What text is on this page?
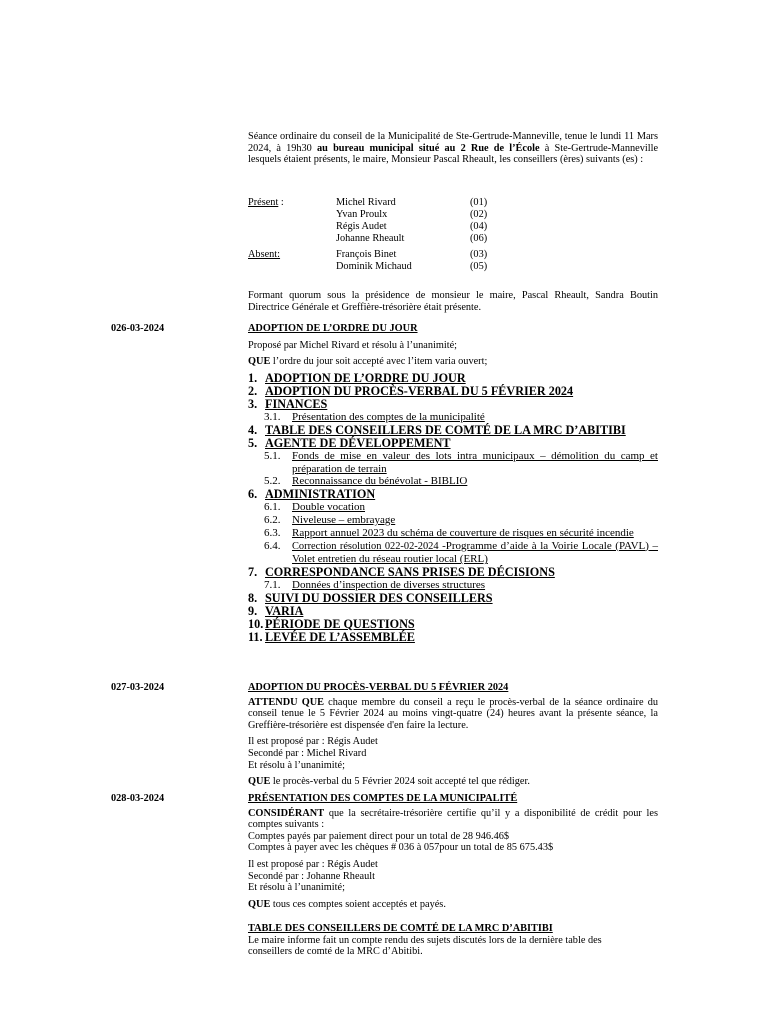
Séance ordinaire du conseil de la Municipalité de Ste-Gertrude-Manneville, tenue le lundi 11 Mars 2024, à 19h30 au bureau municipal situé au 2 Rue de l’École à Ste-Gertrude-Manneville lesquels étaient présents, le maire, Monsieur Pascal Rheault, les conseillers (ères) suivants (es) :
Présent :	Michel Rivard	(01)
Yvan Proulx	(02)
Régis Audet	(04)
Johanne Rheault	(06)
Absent:	François Binet	(03)
Dominik Michaud	(05)
Formant quorum sous la présidence de monsieur le maire, Pascal Rheault, Sandra Boutin Directrice Générale et Greffière-trésorière était présente.
026-03-2024	ADOPTION DE L’ORDRE DU JOUR

Proposé par Michel Rivard et résolu à l’unanimité;

QUE l’ordre du jour soit accepté avec l’item varia ouvert;

1. ADOPTION DE L’ORDRE DU JOUR
2. ADOPTION DU PROCÈS-VERBAL DU 5 FÉVRIER 2024
3. FINANCES
3.1. Présentation des comptes de la municipalité
4. TABLE DES CONSEILLERS DE COMTÉ DE LA MRC D’ABITIBI
5. AGENTE DE DÉVELOPPEMENT
5.1. Fonds de mise en valeur des lots intra municipaux – démolition du camp et préparation de terrain
5.2. Reconnaissance du bénévolat - BIBLIO
6. ADMINISTRATION
6.1. Double vocation
6.2. Niveleuse – embrayage
6.3. Rapport annuel 2023 du schéma de couverture de risques en sécurité incendie
6.4. Correction résolution 022-02-2024 -Programme d’aide à la Voirie Locale (PAVL) – Volet entretien du réseau routier local (ERL)
7. CORRESPONDANCE SANS PRISES DE DÉCISIONS
7.1. Données d’inspection de diverses structures
8. SUIVI DU DOSSIER DES CONSEILLERS
9. VARIA
10. PÉRIODE DE QUESTIONS
11. LEVÉE DE L’ASSEMBLÉE
027-03-2024	ADOPTION DU PROCÈS-VERBAL DU 5 FÉVRIER 2024

ATTENDU QUE chaque membre du conseil a reçu le procès-verbal de la séance ordinaire du conseil tenue le 5 Février 2024 au moins vingt-quatre (24) heures avant la présente séance, la Greffière-trésorière est dispensée d'en faire la lecture.

Il est proposé par : Régis Audet

Secondé par : Michel Rivard

Et résolu à l’unanimité;

QUE le procès-verbal du 5 Février 2024 soit accepté tel que rédiger.

028-03-2024	PRÉSENTATION DES COMPTES DE LA MUNICIPALITÉ

CONSIDÉRANT que la secrétaire-trésorière certifie qu’il y a disponibilité de crédit pour les comptes suivants :

Comptes payés par paiement direct pour un total de 28 946.46$

Comptes à payer avec les chèques # 036 à 057pour un total de 85 675.43$

Il est proposé par : Régis Audet

Secondé par : Johanne Rheault

Et résolu à l’unanimité;

QUE tous ces comptes soient acceptés et payés.

TABLE DES CONSEILLERS DE COMTÉ DE LA MRC D’ABITIBI

Le maire informe fait un compte rendu des sujets discutés lors de la dernière table des conseillers de comté de la MRC d’Abitibi.
